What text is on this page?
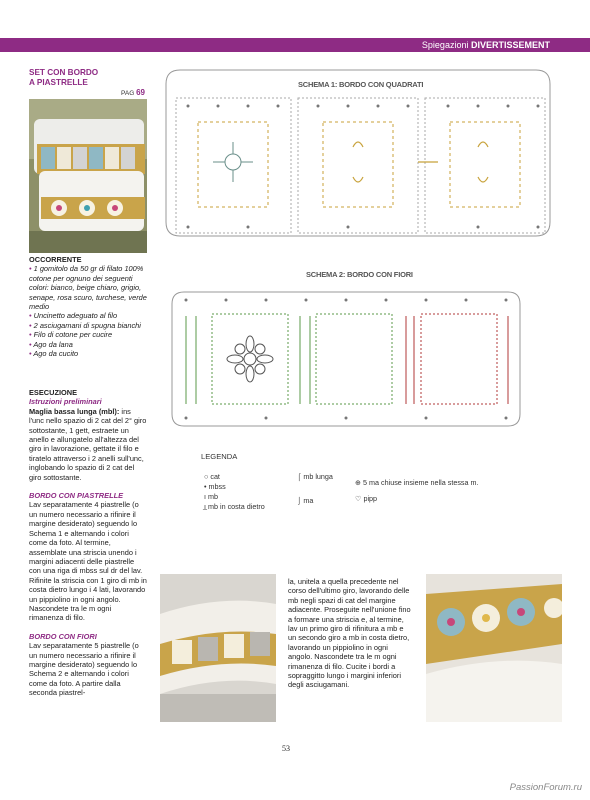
Spiegazioni DIVERTISSEMENT
SET CON BORDO
A PIASTRELLE
PAG 69
OCCORRENTE
• 1 gomitolo da 50 gr di filato 100% cotone per ognuno dei seguenti colori: bianco, beige chiaro, grigio, senape, rosa scuro, turchese, verde medio
• Uncinetto adeguato al filo
• 2 asciugamani di spugna bianchi
• Filo di cotone per cucire
• Ago da lana
• Ago da cucito
ESECUZIONE
Istruzioni preliminari
Maglia bassa lunga (mbl): ins l'unc nello spazio di 2 cat del 2° giro sottostante, 1 gett, estraete un anello e allungatelo all'altezza del giro in lavorazione, gettate il filo e tiratelo attraverso i 2 anelli sull'unc, inglobando lo spazio di 2 cat del giro sottostante.
BORDO CON PIASTRELLE
Lav separatamente 4 piastrelle (o un numero necessario a rifinire il margine desiderato) seguendo lo Schema 1 e alternando i colori come da foto. Al termine, assemblate una striscia unendo i margini adiacenti delle piastrelle con una riga di mbss sul dr del lav. Rifinite la striscia con 1 giro di mb in costa dietro lungo i 4 lati, lavorando un pippiolino in ogni angolo. Nascondete tra le m ogni rimanenza di filo.
BORDO CON FIORI
Lav separatamente 5 piastrelle (o un numero necessario a rifinire il margine desiderato) seguendo lo Schema 2 e alternando i colori come da foto. A partire dalla seconda piastrel-
SCHEMA 1: BORDO CON QUADRATI
SCHEMA 2: BORDO CON FIORI
LEGENDA
○ cat
• mbss
ı mb
ı̲ mb in costa dietro
⌠ mb lunga
⌡ ma
⊕ 5 ma chiuse insieme nella stessa m.
♡ pipp
la, unitela a quella precedente nel corso dell'ultimo giro, lavorando delle mb negli spazi di cat del margine adiacente. Proseguite nell'unione fino a formare una striscia e, al termine, lav un primo giro di rifinitura a mb e un secondo giro a mb in costa dietro, lavorando un pippiolino in ogni angolo. Nascondete tra le m ogni rimanenza di filo. Cucite i bordi a sopraggitto lungo i margini inferiori degli asciugamani.
53
PassionForum.ru
